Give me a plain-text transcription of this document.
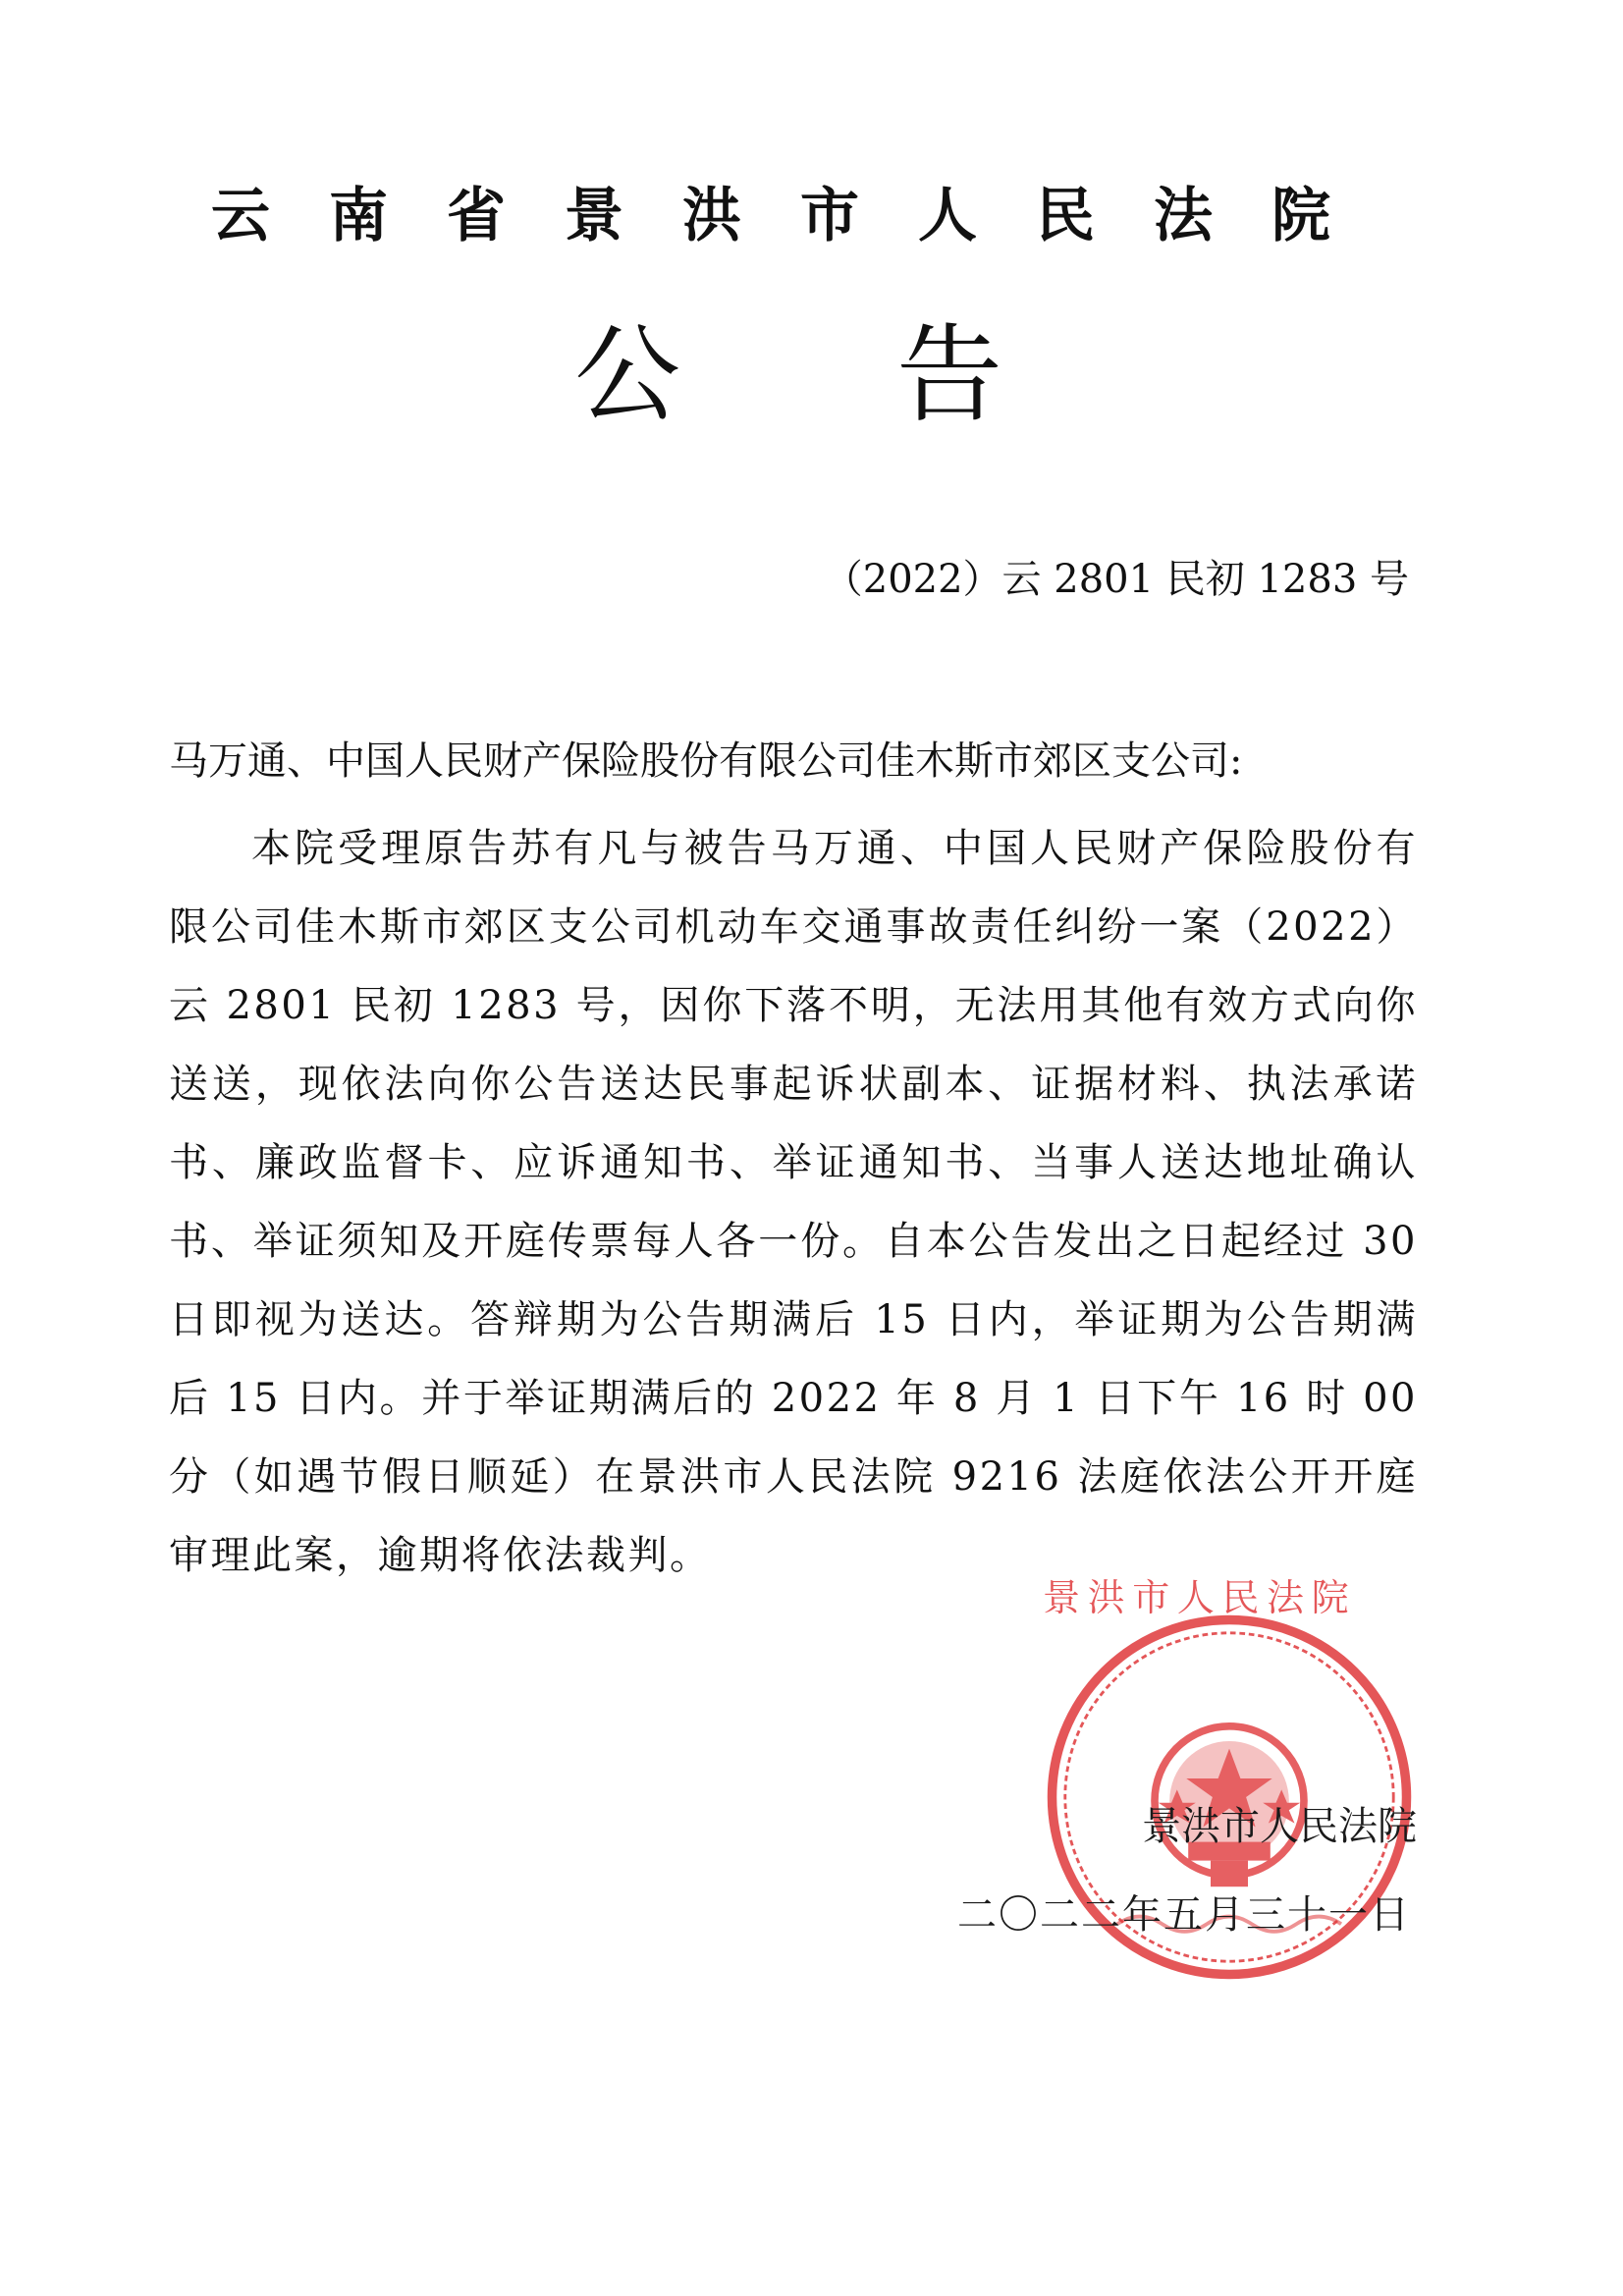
云南省景洪市人民法院
公告
（2022）云 2801 民初 1283 号
马万通、中国人民财产保险股份有限公司佳木斯市郊区支公司:

本院受理原告苏有凡与被告马万通、中国人民财产保险股份有限公司佳木斯市郊区支公司机动车交通事故责任纠纷一案（2022）云 2801 民初 1283 号，因你下落不明，无法用其他有效方式向你送送，现依法向你公告送达民事起诉状副本、证据材料、执法承诺书、廉政监督卡、应诉通知书、举证通知书、当事人送达地址确认书、举证须知及开庭传票每人各一份。自本公告发出之日起经过 30 日即视为送达。答辩期为公告期满后 15 日内，举证期为公告期满后 15 日内。并于举证期满后的 2022 年 8 月 1 日下午 16 时 00 分（如遇节假日顺延）在景洪市人民法院 9216 法庭依法公开开庭审理此案，逾期将依法裁判。

景洪市人民法院
景洪市人民法院
二〇二二年五月三十一日
